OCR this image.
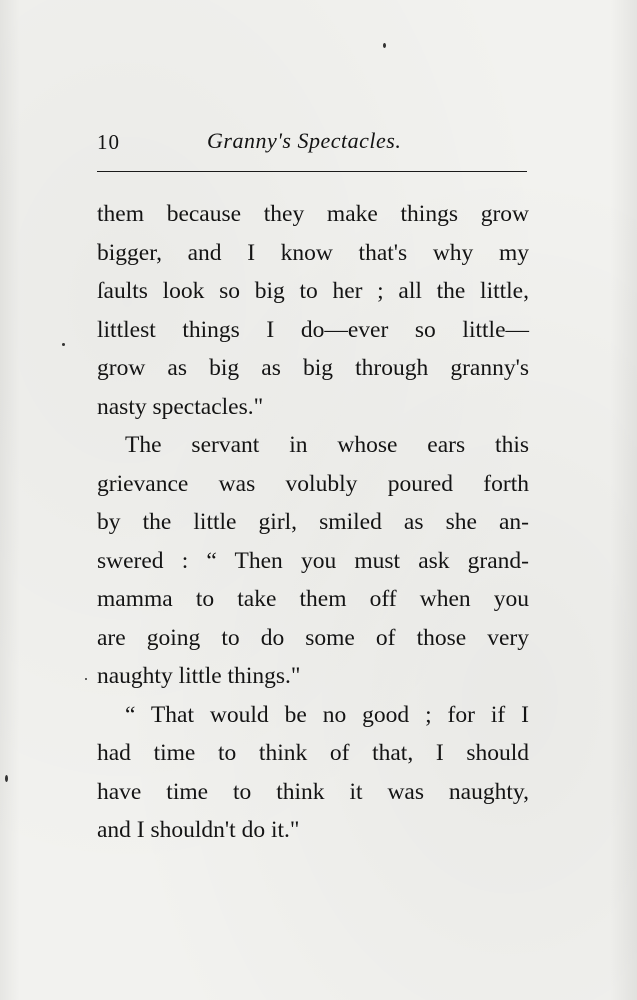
10	Granny's Spectacles.
them because they make things grow
bigger, and I know that's why my
ſaults look so big to her ; all the little,
littlest things I do—ever so little—
grow as big as big through granny's
nasty spectacles."
The servant in whose ears this
grievance was volubly poured forth
by the little girl, smiled as she an-
swered : “ Then you must ask grand-
mamma to take them off when you
are going to do some of those very
naughty little things."
“ That would be no good ; for if I
had time to think of that, I should
have time to think it was naughty,
and I shouldn't do it."
